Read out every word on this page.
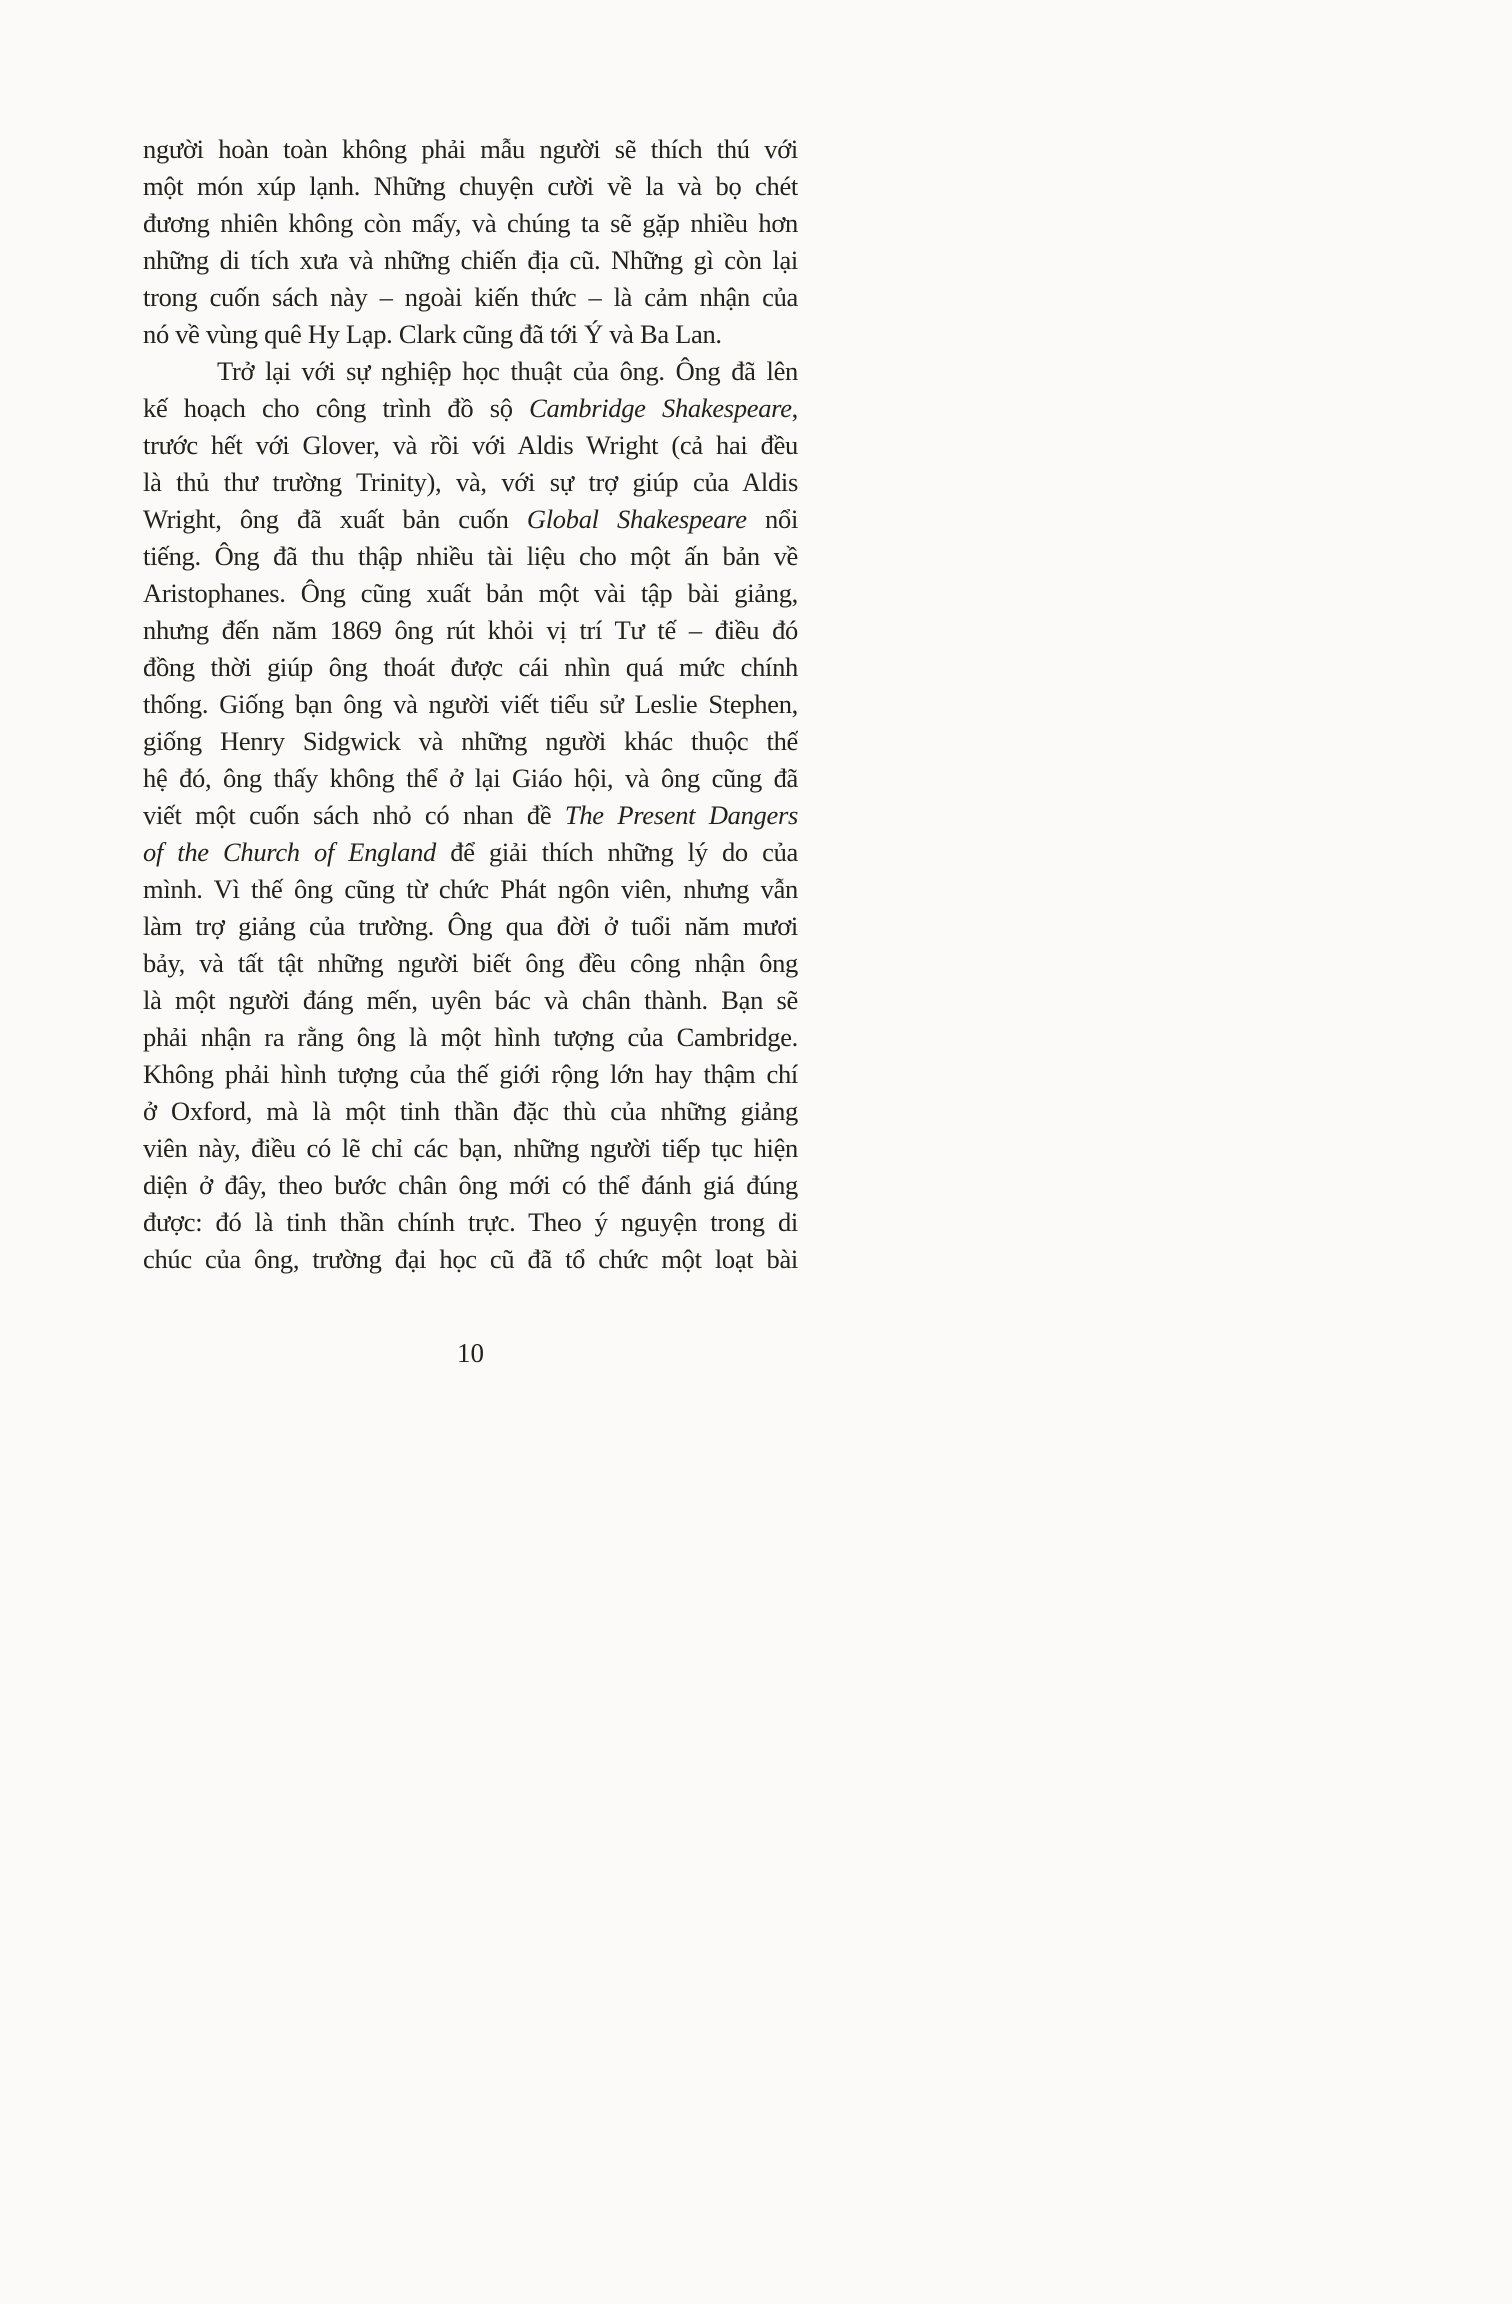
người hoàn toàn không phải mẫu người sẽ thích thú với
một món xúp lạnh. Những chuyện cười về la và bọ chét
đương nhiên không còn mấy, và chúng ta sẽ gặp nhiều hơn
những di tích xưa và những chiến địa cũ. Những gì còn lại
trong cuốn sách này – ngoài kiến thức – là cảm nhận của
nó về vùng quê Hy Lạp. Clark cũng đã tới Ý và Ba Lan.
Trở lại với sự nghiệp học thuật của ông. Ông đã lên
kế hoạch cho công trình đồ sộ Cambridge Shakespeare,
trước hết với Glover, và rồi với Aldis Wright (cả hai đều
là thủ thư trường Trinity), và, với sự trợ giúp của Aldis
Wright, ông đã xuất bản cuốn Global Shakespeare nổi
tiếng. Ông đã thu thập nhiều tài liệu cho một ấn bản về
Aristophanes. Ông cũng xuất bản một vài tập bài giảng,
nhưng đến năm 1869 ông rút khỏi vị trí Tư tế – điều đó
đồng thời giúp ông thoát được cái nhìn quá mức chính
thống. Giống bạn ông và người viết tiểu sử Leslie Stephen,
giống Henry Sidgwick và những người khác thuộc thế
hệ đó, ông thấy không thể ở lại Giáo hội, và ông cũng đã
viết một cuốn sách nhỏ có nhan đề The Present Dangers
of the Church of England để giải thích những lý do của
mình. Vì thế ông cũng từ chức Phát ngôn viên, nhưng vẫn
làm trợ giảng của trường. Ông qua đời ở tuổi năm mươi
bảy, và tất tật những người biết ông đều công nhận ông
là một người đáng mến, uyên bác và chân thành. Bạn sẽ
phải nhận ra rằng ông là một hình tượng của Cambridge.
Không phải hình tượng của thế giới rộng lớn hay thậm chí
ở Oxford, mà là một tinh thần đặc thù của những giảng
viên này, điều có lẽ chỉ các bạn, những người tiếp tục hiện
diện ở đây, theo bước chân ông mới có thể đánh giá đúng
được: đó là tinh thần chính trực. Theo ý nguyện trong di
chúc của ông, trường đại học cũ đã tổ chức một loạt bài
10
